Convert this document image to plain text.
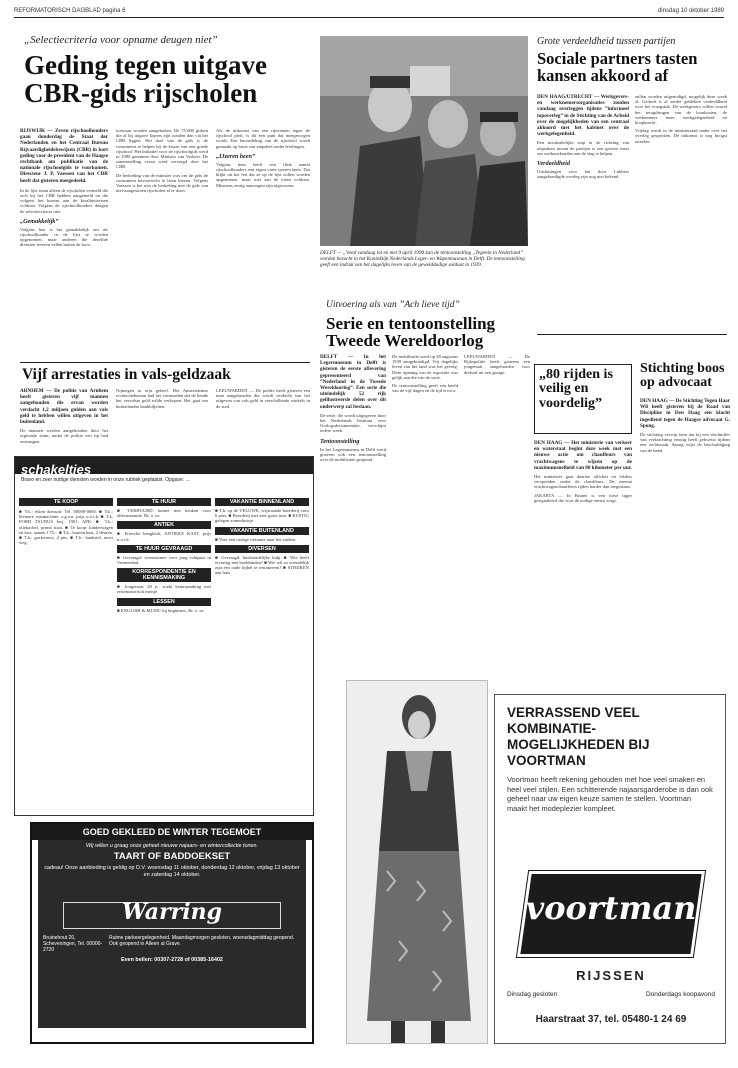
REFORMATORISCH DAGBLAD pagina 6	dinsdag 10 oktober 1989
„Selectiecriteria voor opname deugen niet”
Geding tegen uitgave CBR-gids rijscholen

RIJSWIJK — Zeven rijschoolhouders gaan donderdag de Staat der Nederlanden en het Centraal Bureau Rijvaardigheidsbewijzen (CBR) in kort geding voor de president van de Haagse rechtbank om publikatie van de nationale rijschoolgids te voorkomen. Directeur J. P. Vaessen van het CBR heeft dat gisteren meegedeeld.

In de lijst staan alleen de rijscholen vermeld die zich bij het CBR hebben aangemeld en die volgens het bureau aan de kwaliteitseisen voldoen. Volgens de rijschoolhouders deugen de selectiecriteria niet.

„Gemakkelijk”

Volgens hen is het gemakkelijk om als rijschoolhouder in de lijst te worden opgenomen, maar anderen die dezelfde diensten leveren vallen buiten de boot.

toestaan worden aangeboden. De 75.000 gidsen die al bij uitgave kopers zijn zouden dan via het CBR liggen. Het doel van de gids is de consument te helpen bij de keuze van een goede rijschool. Het initiatief voor de rijschoolgids werd in 1986 genomen door Minister van Verkeer. De samenstelling ervan werd verzorgd door het CBR.

De bedoeling van de minister was om de gids de consument bevoorrecht te laten kiezen. Volgens Vaessen is het niet de bedoeling met de gids van niet-aangesloten rijscholen af te doen.

Als de uitkomst van een rijexamen tegen de rijschool pleit, is dit een punt dat meegewogen wordt. Een beoordeling van de rijschool wordt gemaakt op basis van enquêtes onder leerlingen.

„IJzeren been”

Volgens hem heeft een flink aantal rijschoolhouders een eigen vaste ijzeren been. Dat blijkt uit het feit dat ze op de lijst willen worden opgenomen, maar niet aan de eisen voldoen. Minstens zestig aanvragen zijn afgewezen.

Vijf arrestaties in vals-geldzaak

ARNHEM — De politie van Arnhem heeft gisteren vijf mannen aangehouden die ervan worden verdacht 1,2 miljoen gulden aan vals geld te hebben willen uitgeven in het buitenland.

De mannen werden aangehouden door het regionale team, nadat de politie een tip had ontvangen.

Nijmegen in zijn geheel. Het Amsterdamse recherchebureau had het vermoeden dat de bende het vervalste geld wilde verkopen. Het gaat om buitenlandse bankbiljetten.

LEEUWARDEN — De politie heeft gisteren een man aangehouden die wordt verdacht van het uitgeven van vals geld in verschillende winkels in de stad.

schakeltjes
Bravo en zeer nuttige diensten worden in onze rubriek geplaatst. Opgave: ...
TE KOOP

■ T.k.: eiken dressoir. Tel. 00000-0000. ■ T.k.: kleinere wasmachine, z.g.a.n. prijs n.o.t.k. ■ T.k. FORD TAUNUS bwj. 1981, APK. ■ T.k.: oliekachel, prima staat. ■ Te koop: kinderwagen en box, samen f 75,-. ■ T.k.: houten kast, 2 deuren. ■ T.k.: gasfornuis, 4 pits. ■ T.k.: bankstel, moet weg.

TE HUUR

■ VERHUURD: kamer met keuken voor alleenstaande. Br. o. nr.

ANTIEK

■ Friesche hangklok, ANTIEKE KAST, prijs n.o.t.k.

TE HUUR GEVRAAGD

■ Gevraagd: woonruimte voor jong echtpaar in Veenendaal.

KORRESPONDENTIE EN KENNISMAKING

■ Jongeman, 28 jr., zoekt kennismaking met reformatorisch meisje.

LESSEN

■ ENGLISH & MUSIC bij beginners. Br. o. nr.

VAKANTIE BINNENLAND

■ T.h. op de VELUWE, vrijstaande boerderij voor 6 pers. ■ Boerderij met zeer grote tuin. ■ RUSTIG gelegen zomerhuisje.

VAKANTIE BUITENLAND

■ Voor een rustige vakantie naar het zuiden.

DIVERSEN

■ Gevraagd: huishoudelijke hulp. ■ Wie heeft ervaring met boekbinden? ■ Wie wil zo vriendelijk zijn een oude bijbel te restaureren? ■ STRIJKEN aan huis.

GOED GEKLEED DE WINTER TEGEMOET

Wij willen u graag onze geheel nieuwe najaars- en wintercollectie tonen.

TAART OF BADDOEKSET

cadeau! Onze aanbieding is geldig op D.V. woensdag 11 oktober, donderdag 12 oktober, vrijdag 13 oktober en zaterdag 14 oktober.

Warring

Bruinehout 20, Scheveningen, Tel. 00000-2720

Ruime parkeergelegenheid. Maandagmorgen gesloten, woensdagmiddag geopend. Ook geopend in Alleen al Grave.

Even bellen: 00307-2728 of 00385-16402

DELFT — „Vond vandaag tot en met 9 april 1990 kan de tentoonstelling „Tegenin in Nederland” worden bezocht in het Koninklijk Nederlands Leger- en Wapenmuseum in Delft. De tentoonstelling geeft een indruk van het dagelijks leven van de gewelddadige soldaat in 1939.

Uitvoering als van ”Ach lieve tijd”
Serie en tentoonstelling Tweede Wereldoorlog

DELFT — In het Legermuseum in Delft is gisteren de eerste aflevering gepresenteerd van ”Nederland in de Tweede Wereldoorlog”. Een serie die uiteindelijk 52 rijk geillustreerde delen over dit onderwerp zal beslaan.

De serie, die wordt uitgegeven door het Nederlands Instituut voor Oorlogsdocumentatie, verschijnt iedere week.

Tentoonstelling

In het Legermuseum in Delft werd gisteren ook een tentoonstelling over de mobilisatie geopend.

De mobilisatie werd op 28 augustus 1939 aangekondigd. Vrij dagelijks leven van het land was het gevolg. Deze opening van de expositie was gelijk aan die van de serie.

De tentoonstelling geeft een beeld van de vijf dagen en de tijd ervoor.

LEEUWARDEN — De Rijkspolitie heeft gisteren een jongeman aangehouden voor diefstal uit een garage.

Grote verdeeldheid tussen partijen
Sociale partners tasten kansen akkoord af

DEN HAAG/UTRECHT — Werkgevers- en werknemersorganisaties zouden vandaag overleggen tijdens ”informeel topoverleg” in de Stichting van de Arbeid over de mogelijkheden van een centraal akkoord met het kabinet over de werkgelegenheid.

Een noodzakelijke stap in de richting van afspraken tussen de partijen is een grotere inzet om werkzoekenden aan de slag te helpen.

Verdeeldheid

Uitsluitingen voor het door Lubbers aangekondigde overleg zijn nog niet bekend.

zullen worden uitgenodigd, mogelijk deze week al. Gedeelt is al eerder gebleken verdeeldheid over het vraagstuk. De werkgevers willen vooral het terugdringen van de loonkosten, de werknemers meer werkgelegenheid en koopkracht.

Vrijdag wordt in de ministerraad nader over het overleg gesproken. De uitkomst is nog hoogst onzeker.

„80 rijden is veilig en voordelig”

DEN HAAG — Het ministerie van verkeer en waterstaat begint deze week met een nieuwe actie om chauffeurs van vrachtwagens te wijzen op de maximumsnelheid van 80 kilometer per uur.

Het ministerie gaat daartoe affiches en folders verspreiden onder de chauffeurs. De meeste vrachtwagenchauffeurs rijden harder dan toegestaan.

JAKARTA — In Brunei is een forse tijger gesignaleerd die voor de nodige onrust zorgt.

Stichting boos op advocaat

DEN HAAG — De Stichting Tegen Haar Wil heeft gisteren bij de Raad van Discipline in Den Haag een klacht ingediend tegen de Haagse advocaat G. Spong.

De stichting verwijt hem dat hij een slachtoffer van verkrachting ernstig heeft gekwetst tijdens een rechtszaak. Spong wijst de beschuldiging van de hand.

VERRASSEND VEEL KOMBINATIE-MOGELIJKHEDEN BIJ VOORTMAN

Voortman heeft rekening gehouden met hoe veel smaken en heel veel stijlen. Een schitterende najaarsgarderobe is dan ook geheel naar uw eigen keuze samen te stellen. Voortman maakt het modeplezier kompleet.

voortman
RIJSSEN
Dinsdag gesloten	Donderdags koopavond
Haarstraat 37, tel. 05480-1 24 69
